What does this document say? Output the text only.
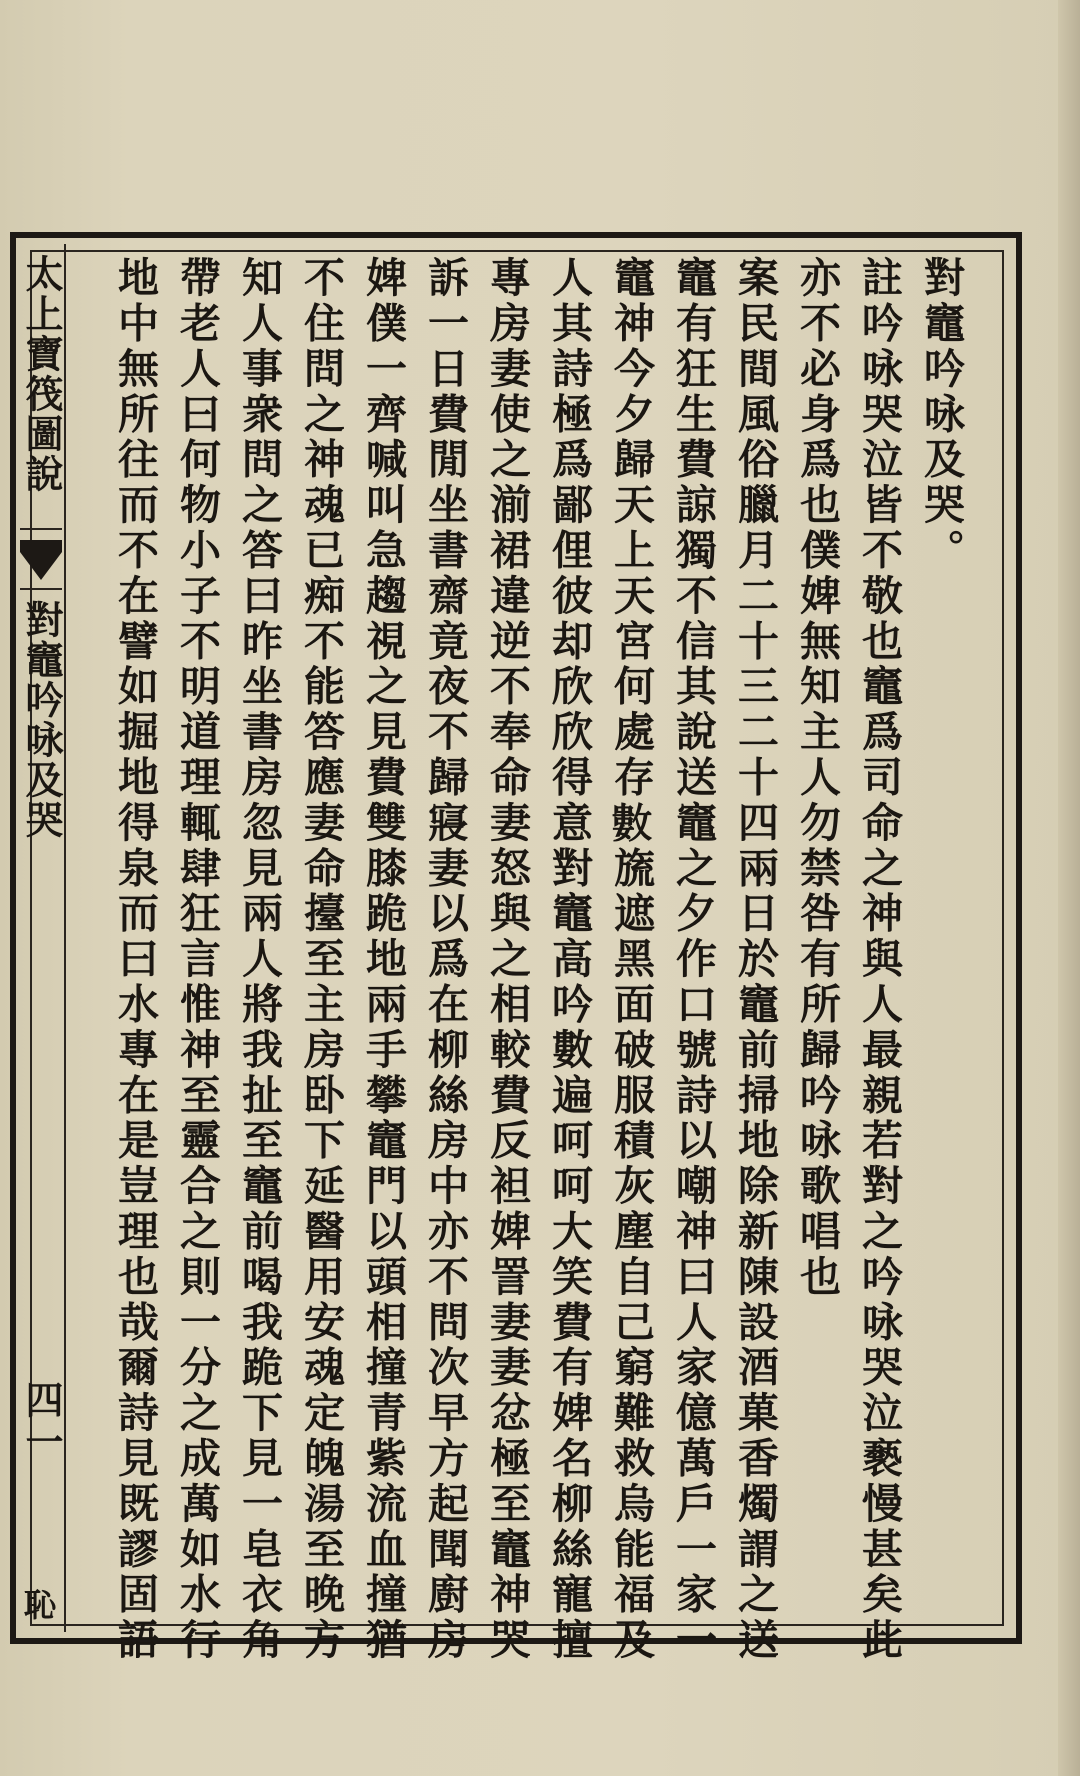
太上寶筏圖說
對竈吟咏及哭
四一
恥
對竈吟咏及哭。
註吟咏哭泣皆不敬也竈爲司命之神與人最親若對之吟咏哭泣褻慢甚矣此
亦不必身爲也僕婢無知主人勿禁咎有所歸吟咏歌唱也
案民間風俗臘月二十三二十四兩日於竈前掃地除新陳設酒菓香燭謂之送
竈有狂生費諒獨不信其說送竈之夕作口號詩以嘲神曰人家億萬戶一家一
竈神今夕歸天上天宮何處存𢿙旒遮黑面破服積灰塵自己窮難救烏能福及
人其詩極爲鄙俚彼却欣欣得意對竈高吟數遍呵呵大笑費有婢名柳絲寵擅
專房妻使之湔裙違逆不奉命妻怒與之相較費反袒婢詈妻妻忿極至竈神哭
訴一日費閒坐書齋竟夜不歸寢妻以爲在柳絲房中亦不問次早方起聞廚房
婢僕一齊喊叫急趨視之見費雙膝跪地兩手攀竈門以頭相撞青紫流血撞猶
不住問之神魂已痴不能答應妻命擡至主房卧下延醫用安魂定魄湯至晚方
知人事衆問之答曰昨坐書房忽見兩人將我扯至竈前喝我跪下見一皂衣角
帶老人曰何物小子不明道理輒肆狂言惟神至靈合之則一分之成萬如水行
地中無所往而不在譬如掘地得泉而曰水專在是豈理也哉爾詩見既謬固語
